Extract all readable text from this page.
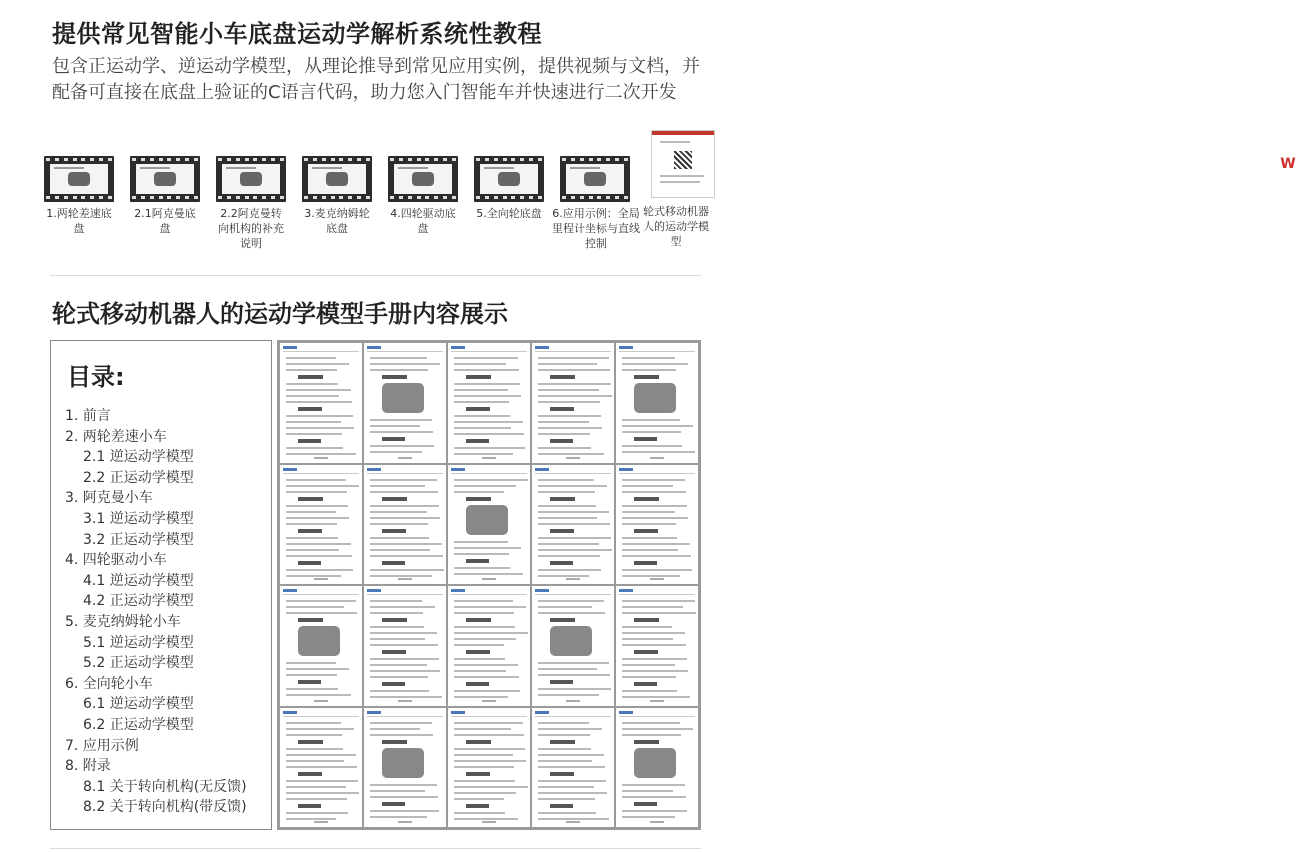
提供常见智能小车底盘运动学解析系统性教程

包含正运动学、逆运动学模型，从理论推导到常见应用实例，提供视频与文档，并配备可直接在底盘上验证的C语言代码，助力您入门智能车并快速进行二次开发

1.两轮差速底盘
2.1阿克曼底盘
2.2阿克曼转向机构的补充说明
3.麦克纳姆轮底盘
4.四轮驱动底盘
5.全向轮底盘 6.应用示例：全局里程计坐标与直线控制
W
轮式移动机器人的运动学模型
轮式移动机器人的运动学模型手册内容展示
目录:
1. 前言
2. 两轮差速小车
2.1 逆运动学模型
2.2 正运动学模型
3. 阿克曼小车
3.1 逆运动学模型
3.2 正运动学模型
4. 四轮驱动小车
4.1 逆运动学模型
4.2 正运动学模型
5. 麦克纳姆轮小车
5.1 逆运动学模型
5.2 正运动学模型
6. 全向轮小车
6.1 逆运动学模型
6.2 正运动学模型
7. 应用示例
8. 附录
8.1 关于转向机构(无反馈)
8.2 关于转向机构(带反馈)
